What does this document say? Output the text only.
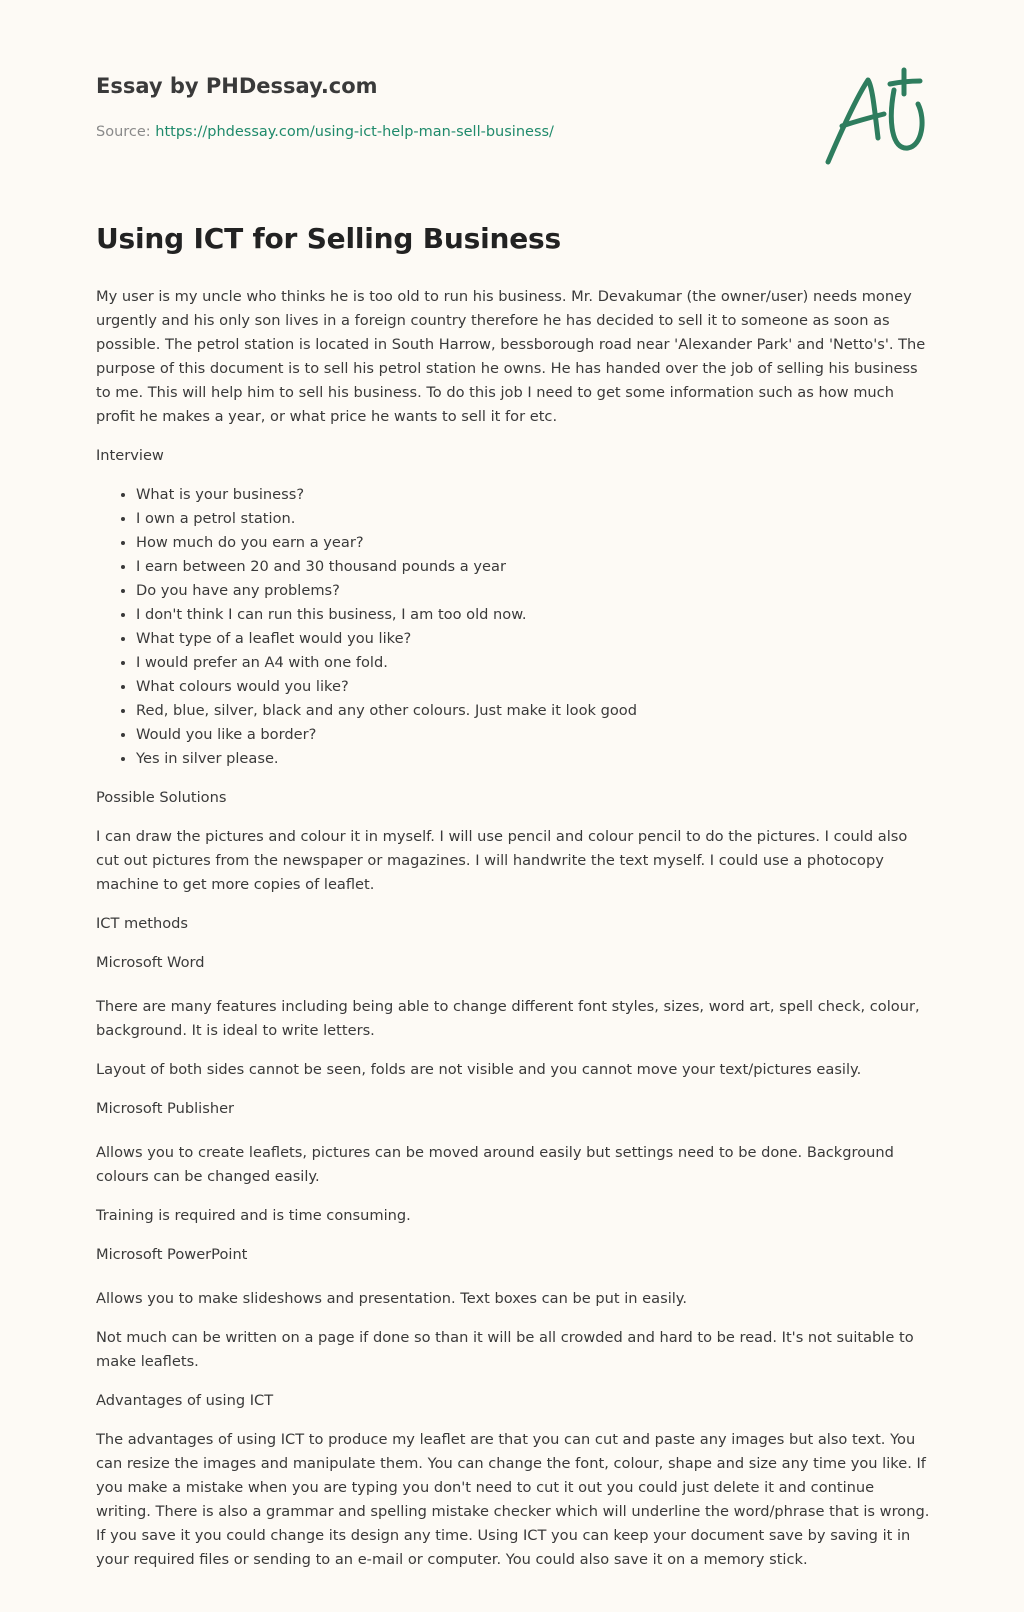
Essay by PHDessay.com
Source: https://phdessay.com/using-ict-help-man-sell-business/
Using ICT for Selling Business

My user is my uncle who thinks he is too old to run his business. Mr. Devakumar (the owner/user) needs money urgently and his only son lives in a foreign country therefore he has decided to sell it to someone as soon as possible. The petrol station is located in South Harrow, bessborough road near 'Alexander Park' and 'Netto's'. The purpose of this document is to sell his petrol station he owns. He has handed over the job of selling his business to me. This will help him to sell his business. To do this job I need to get some information such as how much profit he makes a year, or what price he wants to sell it for etc.

Interview

• What is your business?
• I own a petrol station.
• How much do you earn a year?
• I earn between 20 and 30 thousand pounds a year
• Do you have any problems?
• I don't think I can run this business, I am too old now.
• What type of a leaflet would you like?
• I would prefer an A4 with one fold.
• What colours would you like?
• Red, blue, silver, black and any other colours. Just make it look good
• Would you like a border?
• Yes in silver please.

Possible Solutions

I can draw the pictures and colour it in myself. I will use pencil and colour pencil to do the pictures. I could also cut out pictures from the newspaper or magazines. I will handwrite the text myself. I could use a photocopy machine to get more copies of leaflet.

ICT methods

Microsoft Word

There are many features including being able to change different font styles, sizes, word art, spell check, colour, background. It is ideal to write letters.

Layout of both sides cannot be seen, folds are not visible and you cannot move your text/pictures easily.

Microsoft Publisher

Allows you to create leaflets, pictures can be moved around easily but settings need to be done. Background colours can be changed easily.

Training is required and is time consuming.

Microsoft PowerPoint

Allows you to make slideshows and presentation. Text boxes can be put in easily.

Not much can be written on a page if done so than it will be all crowded and hard to be read. It's not suitable to make leaflets.

Advantages of using ICT

The advantages of using ICT to produce my leaflet are that you can cut and paste any images but also text. You can resize the images and manipulate them. You can change the font, colour, shape and size any time you like. If you make a mistake when you are typing you don't need to cut it out you could just delete it and continue writing. There is also a grammar and spelling mistake checker which will underline the word/phrase that is wrong. If you save it you could change its design any time. Using ICT you can keep your document save by saving it in your required files or sending to an e-mail or computer. You could also save it on a memory stick.
